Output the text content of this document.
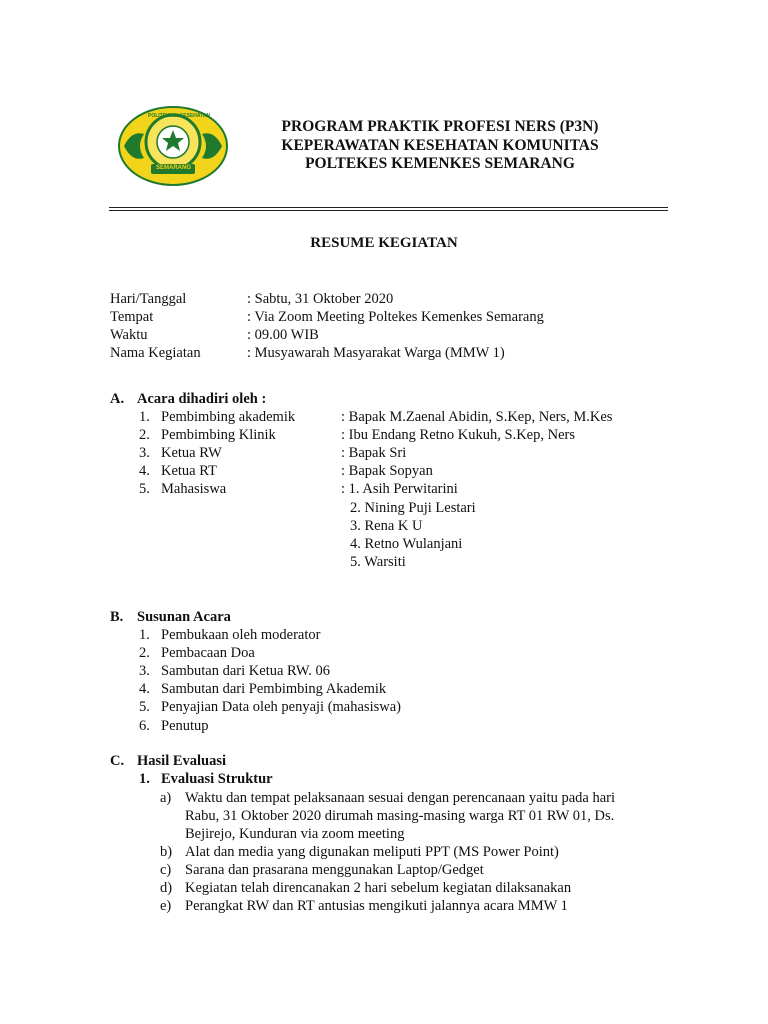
POLITEKNIK KESEHATAN
SEMARANG
PROGRAM PRAKTIK PROFESI NERS (P3N)
KEPERAWATAN KESEHATAN KOMUNITAS
POLTEKES KEMENKES SEMARANG
RESUME KEGIATAN
Hari/Tanggal	: Sabtu, 31 Oktober 2020
Tempat	: Via Zoom Meeting Poltekes Kemenkes Semarang
Waktu	: 09.00 WIB
Nama Kegiatan	: Musyawarah Masyarakat Warga (MMW 1)
A. Acara dihadiri oleh :
1. Pembimbing akademik	: Bapak M.Zaenal Abidin, S.Kep, Ners, M.Kes
2. Pembimbing Klinik	: Ibu Endang Retno Kukuh, S.Kep, Ners
3. Ketua RW	: Bapak Sri
4. Ketua RT	: Bapak Sopyan
5. Mahasiswa	: 1. Asih Perwitarini
2. Nining Puji Lestari
3. Rena K U
4. Retno Wulanjani
5. Warsiti
B. Susunan Acara
1. Pembukaan oleh moderator
2. Pembacaan Doa
3. Sambutan dari Ketua RW. 06
4. Sambutan dari Pembimbing Akademik
5. Penyajian Data oleh penyaji (mahasiswa)
6. Penutup
C. Hasil Evaluasi
1. Evaluasi Struktur
a) Waktu dan tempat pelaksanaan sesuai dengan perencanaan yaitu pada hari
Rabu, 31 Oktober 2020 dirumah masing-masing warga RT 01 RW 01, Ds.
Bejirejo, Kunduran via zoom meeting
b) Alat dan media yang digunakan meliputi PPT (MS Power Point)
c) Sarana dan prasarana menggunakan Laptop/Gedget
d) Kegiatan telah direncanakan 2 hari sebelum kegiatan dilaksanakan
e) Perangkat RW dan RT antusias mengikuti jalannya acara MMW 1
